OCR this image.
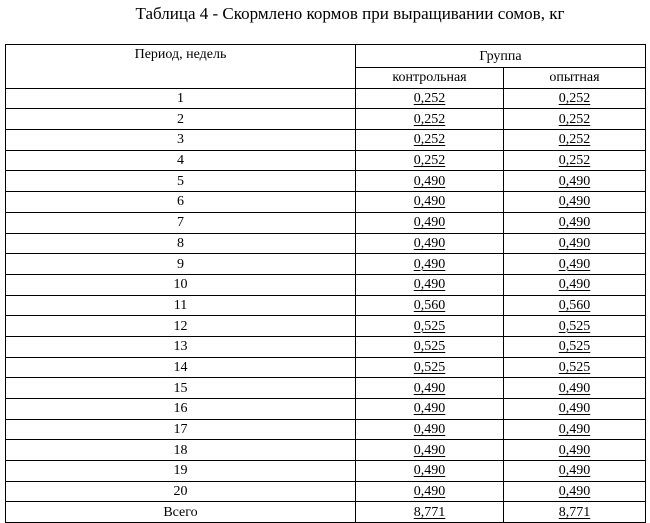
Таблица 4 - Скормлено кормов при выращивании сомов, кг
Период, недель	Группа	
	контрольная	опытная
1	0,252	0,252
2	0,252	0,252
3	0,252	0,252
4	0,252	0,252
5	0,490	0,490
6	0,490	0,490
7	0,490	0,490
8	0,490	0,490
9	0,490	0,490
10	0,490	0,490
11	0,560	0,560
12	0,525	0,525
13	0,525	0,525
14	0,525	0,525
15	0,490	0,490
16	0,490	0,490
17	0,490	0,490
18	0,490	0,490
19	0,490	0,490
20	0,490	0,490
Всего	8,771	8,771
